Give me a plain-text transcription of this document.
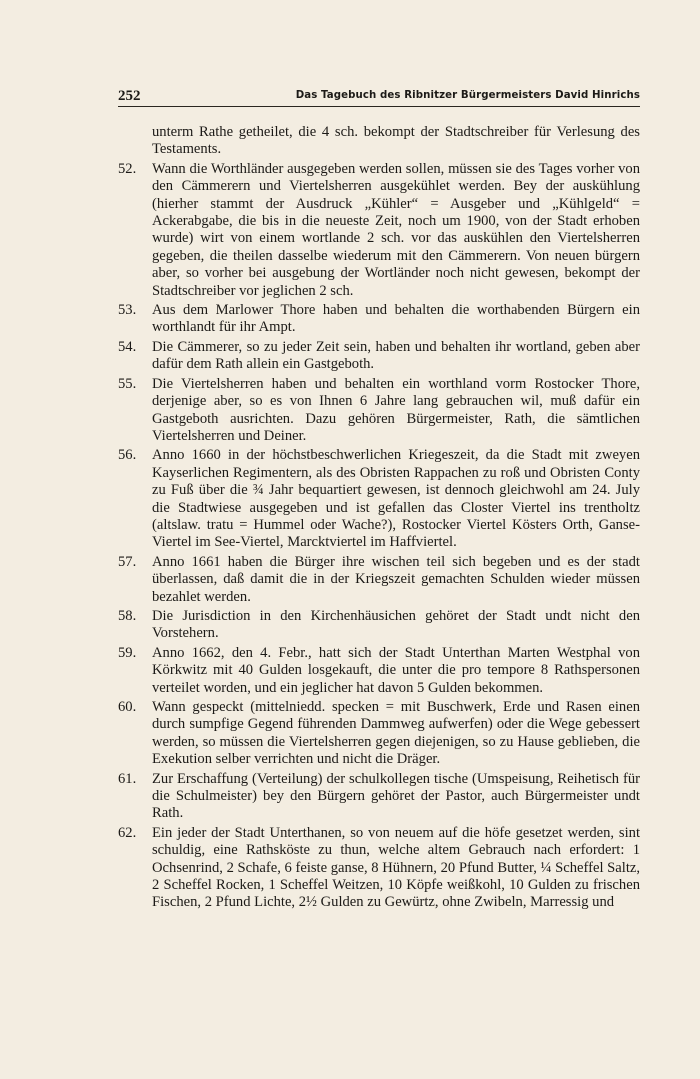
252	Das Tagebuch des Ribnitzer Bürgermeisters David Hinrichs
unterm Rathe getheilet, die 4 sch. bekompt der Stadtschreiber für Verlesung des Testaments.
52. Wann die Worthländer ausgegeben werden sollen, müssen sie des Tages vorher von den Cämmerern und Viertelsherren ausgekühlet werden. Bey der auskühlung (hierher stammt der Ausdruck „Kühler“ = Ausgeber und „Kühlgeld“ = Ackerabgabe, die bis in die neueste Zeit, noch um 1900, von der Stadt erhoben wurde) wirt von einem wortlande 2 sch. vor das auskühlen den Viertelsherren gegeben, die theilen dasselbe wiederum mit den Cämmerern. Von neuen bürgern aber, so vorher bei ausgebung der Wortländer noch nicht gewesen, bekompt der Stadtschreiber vor jeglichen 2 sch.
53. Aus dem Marlower Thore haben und behalten die worthabenden Bürgern ein worthlandt für ihr Ampt.
54. Die Cämmerer, so zu jeder Zeit sein, haben und behalten ihr wortland, geben aber dafür dem Rath allein ein Gastgeboth.
55. Die Viertelsherren haben und behalten ein worthland vorm Rostocker Thore, derjenige aber, so es von Ihnen 6 Jahre lang gebrauchen wil, muß dafür ein Gastgeboth ausrichten. Dazu gehören Bürgermeister, Rath, die sämtlichen Viertelsherren und Deiner.
56. Anno 1660 in der höchstbeschwerlichen Kriegeszeit, da die Stadt mit zweyen Kayserlichen Regimentern, als des Obristen Rappachen zu roß und Obristen Conty zu Fuß über die ¾ Jahr bequartiert gewesen, ist dennoch gleichwohl am 24. July die Stadtwiese ausgegeben und ist gefallen das Closter Viertel ins trentholtz (altslaw. tratu = Hummel oder Wache?), Rostocker Viertel Kösters Orth, Ganse-Viertel im See-Viertel, Marcktviertel im Haffviertel.
57. Anno 1661 haben die Bürger ihre wischen teil sich begeben und es der stadt überlassen, daß damit die in der Kriegszeit gemachten Schulden wieder müssen bezahlet werden.
58. Die Jurisdiction in den Kirchenhäusichen gehöret der Stadt undt nicht den Vorstehern.
59. Anno 1662, den 4. Febr., hatt sich der Stadt Unterthan Marten Westphal von Körkwitz mit 40 Gulden losgekauft, die unter die pro tempore 8 Rathspersonen verteilet worden, und ein jeglicher hat davon 5 Gulden bekommen.
60. Wann gespeckt (mittelniedd. specken = mit Buschwerk, Erde und Rasen einen durch sumpfige Gegend führenden Dammweg aufwerfen) oder die Wege gebessert werden, so müssen die Viertelsherren gegen diejenigen, so zu Hause geblieben, die Exekution selber verrichten und nicht die Dräger.
61. Zur Erschaffung (Verteilung) der schulkollegen tische (Umspeisung, Reihetisch für die Schulmeister) bey den Bürgern gehöret der Pastor, auch Bürgermeister undt Rath.
62. Ein jeder der Stadt Unterthanen, so von neuem auf die höfe gesetzet werden, sint schuldig, eine Rathsköste zu thun, welche altem Gebrauch nach erfordert: 1 Ochsenrind, 2 Schafe, 6 feiste ganse, 8 Hühnern, 20 Pfund Butter, ¼ Scheffel Saltz, 2 Scheffel Rocken, 1 Scheffel Weitzen, 10 Köpfe weißkohl, 10 Gulden zu frischen Fischen, 2 Pfund Lichte, 2½ Gulden zu Gewürtz, ohne Zwibeln, Marressig und
